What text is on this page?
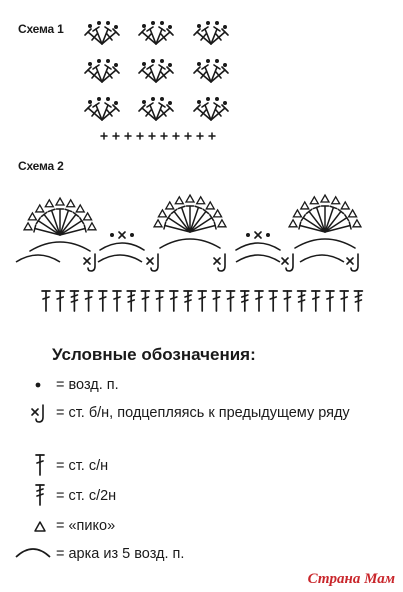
Схема 1
Схема 2
Условные обозначения:
= возд. п.
= ст. б/н, подцепляясь к предыдущему ряду
= ст. с/н
= ст. с/2н
= «пико»
= арка из 5 возд. п.
Страна Мам
